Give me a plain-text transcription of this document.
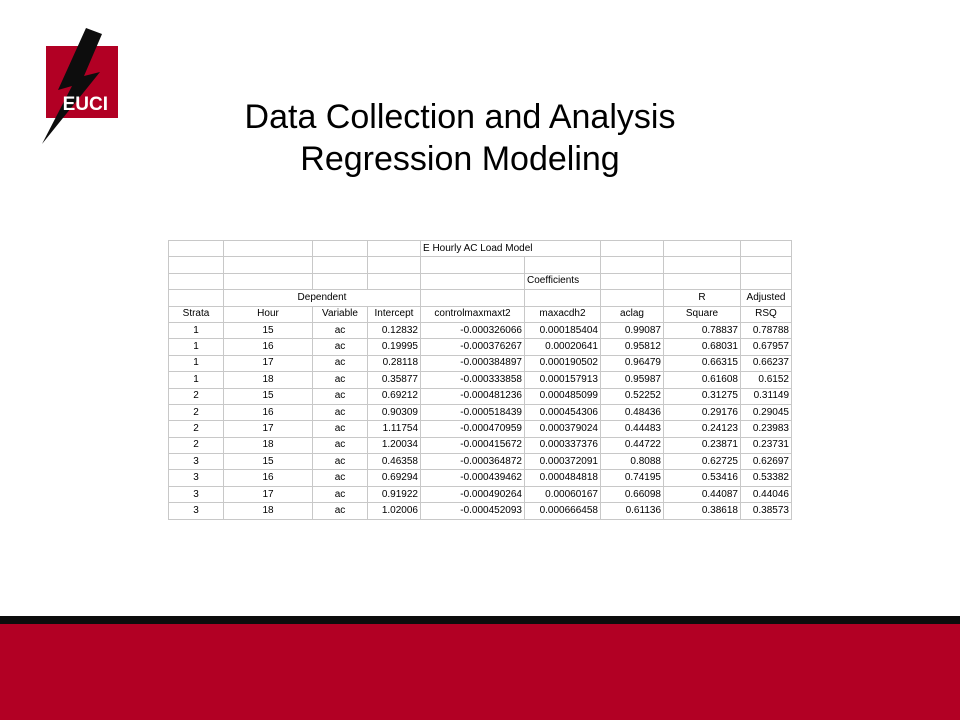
EUCI	Data Collection and Analysis
Regression Modeling
				E Hourly AC Load Model				

					Coefficients			
	Dependent						R	Adjusted
Strata	Hour	Variable	Intercept	controlmaxmaxt2	maxacdh2	aclag	Square	RSQ
1	15	ac	0.12832	-0.000326066	0.000185404	0.99087	0.78837	0.78788
1	16	ac	0.19995	-0.000376267	0.00020641	0.95812	0.68031	0.67957
1	17	ac	0.28118	-0.000384897	0.000190502	0.96479	0.66315	0.66237
1	18	ac	0.35877	-0.000333858	0.000157913	0.95987	0.61608	0.6152
2	15	ac	0.69212	-0.000481236	0.000485099	0.52252	0.31275	0.31149
2	16	ac	0.90309	-0.000518439	0.000454306	0.48436	0.29176	0.29045
2	17	ac	1.11754	-0.000470959	0.000379024	0.44483	0.24123	0.23983
2	18	ac	1.20034	-0.000415672	0.000337376	0.44722	0.23871	0.23731
3	15	ac	0.46358	-0.000364872	0.000372091	0.8088	0.62725	0.62697
3	16	ac	0.69294	-0.000439462	0.000484818	0.74195	0.53416	0.53382
3	17	ac	0.91922	-0.000490264	0.00060167	0.66098	0.44087	0.44046
3	18	ac	1.02006	-0.000452093	0.000666458	0.61136	0.38618	0.38573
